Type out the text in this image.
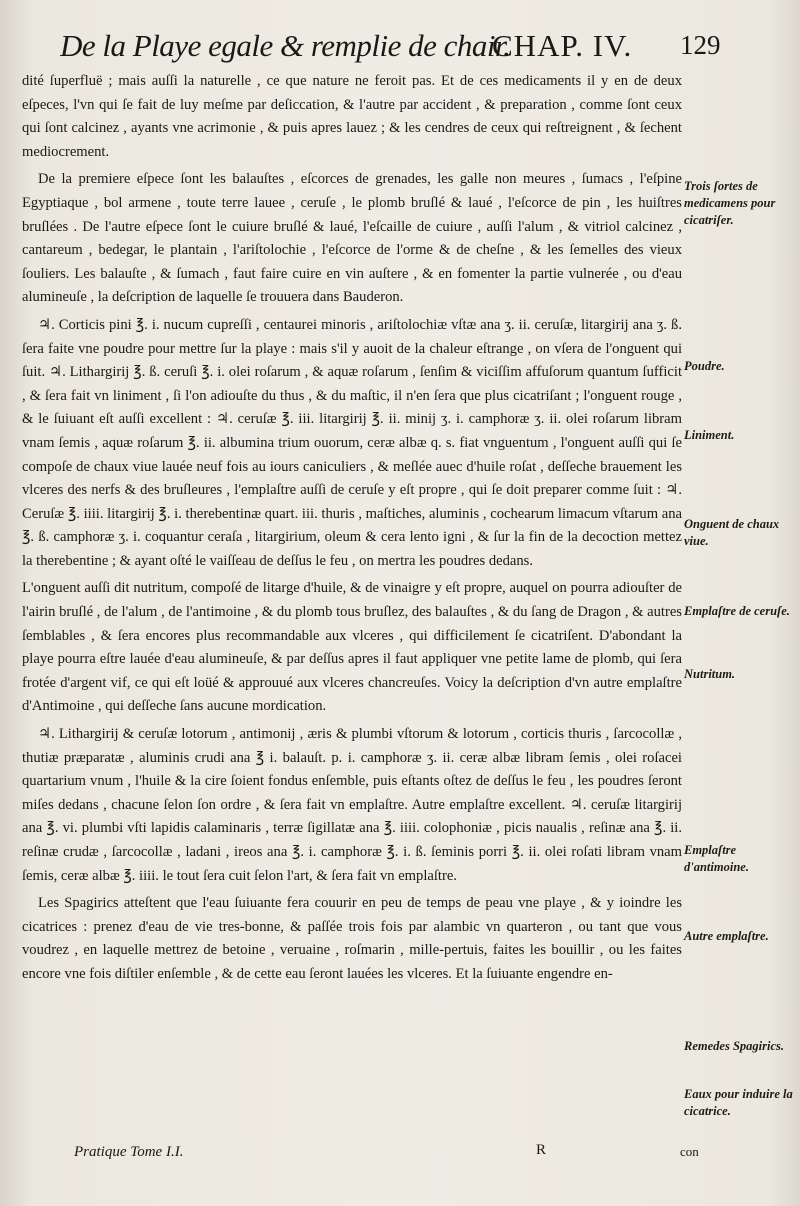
De la Playe egale & remplie de chair.
CHAP. IV. 129

dité ſuperfluë ; mais auſſi la naturelle , ce que nature ne feroit pas. Et de ces medicaments il y en de deux eſpeces, l'vn qui ſe fait de luy meſme par deſiccation, & l'autre par accident , & preparation , comme ſont ceux qui ſont calcinez , ayants vne acrimonie , & puis apres lauez ; & les cendres de ceux qui reſtreignent , & ſechent mediocrement.

De la premiere eſpece ſont les balauſtes , eſcorces de grenades, les galle non meures , ſumacs , l'eſpine Egyptiaque , bol armene , toute terre lauee , ceruſe , le plomb bruſlé & laué , l'eſcorce de pin , les huiſtres bruſlées . De l'autre eſpece ſont le cuiure bruſlé & laué, l'eſcaille de cuiure , auſſi l'alum , & vitriol calcinez , cantareum , bedegar, le plantain , l'ariſtolochie , l'eſcorce de l'orme & de cheſne , & les ſemelles des vieux ſouliers. Les balauſte , & ſumach , faut faire cuire en vin auſtere , & en fomenter la partie vulnerée , ou d'eau alumineuſe , la deſcription de laquelle ſe trouuera dans Bauderon.

♃. Corticis pini ℥. i. nucum cupreſſi , centaurei minoris , ariſtolochiæ vſtæ ana ʒ. ii. ceruſæ, litargirij ana ʒ. ß. ſera faite vne poudre pour mettre ſur la playe : mais s'il y auoit de la chaleur eſtrange , on vſera de l'onguent qui ſuit. ♃. Lithargirij ℥. ß. ceruſi ℥. i. olei roſarum , & aquæ roſarum , ſenſim & viciſſim affuſorum quantum ſufficit , & ſera fait vn liniment , ſi l'on adiouſte du thus , & du maſtic, il n'en ſera que plus cicatriſant ; l'onguent rouge , & le ſuiuant eſt auſſi excellent : ♃. ceruſæ ℥. iii. litargirij ℥. ii. minij ʒ. i. camphoræ ʒ. ii. olei roſarum libram vnam ſemis , aquæ roſarum ℥. ii. albumina trium ouorum, ceræ albæ q. s. fiat vnguentum , l'onguent auſſi qui ſe compoſe de chaux viue lauée neuf fois au iours caniculiers , & meſlée auec d'huile roſat , deſſeche brauement les vlceres des nerfs & des bruſleures , l'emplaſtre auſſi de ceruſe y eſt propre , qui ſe doit preparer comme ſuit : ♃. Ceruſæ ℥. iiii. litargirij ℥. i. therebentinæ quart. iii. thuris , maſtiches, aluminis , cochearum limacum vſtarum ana ℥. ß. camphoræ ʒ. i. coquantur ceraſa , litargirium, oleum & cera lento igni , & ſur la fin de la decoction mettez la therebentine ; & ayant oſté le vaiſſeau de deſſus le feu , on mertra les poudres dedans.

L'onguent auſſi dit nutritum, compoſé de litarge d'huile, & de vinaigre y eſt propre, auquel on pourra adiouſter de l'airin bruſlé , de l'alum , de l'antimoine , & du plomb tous bruſlez, des balauſtes , & du ſang de Dragon , & autres ſemblables , & ſera encores plus recommandable aux vlceres , qui difficilement ſe cicatriſent. D'abondant la playe pourra eſtre lauée d'eau alumineuſe, & par deſſus apres il faut appliquer vne petite lame de plomb, qui ſera frotée d'argent vif, ce qui eſt loüé & approuué aux vlceres chancreuſes. Voicy la deſcription d'vn autre emplaſtre d'Antimoine , qui deſſeche ſans aucune mordication.

♃. Lithargirij & ceruſæ lotorum , antimonij , æris & plumbi vſtorum & lotorum , corticis thuris , ſarcocollæ , thutiæ præparatæ , aluminis crudi ana ℥ i. balauſt. p. i. camphoræ ʒ. ii. ceræ albæ libram ſemis , olei roſacei quartarium vnum , l'huile & la cire ſoient fondus enſemble, puis eſtants oſtez de deſſus le feu , les poudres ſeront miſes dedans , chacune ſelon ſon ordre , & ſera fait vn emplaſtre. Autre emplaſtre excellent. ♃. ceruſæ litargirij ana ℥. vi. plumbi vſti lapidis calaminaris , terræ ſigillatæ ana ℥. iiii. colophoniæ , picis naualis , reſinæ ana ℥. ii. reſinæ crudæ , ſarcocollæ , ladani , ireos ana ℥. i. camphoræ ℥. i. ß. ſeminis porri ℥. ii. olei roſati libram vnam ſemis, ceræ albæ ℥. iiii. le tout ſera cuit ſelon l'art, & ſera fait vn emplaſtre.

Les Spagirics atteſtent que l'eau ſuiuante fera couurir en peu de temps de peau vne playe , & y ioindre les cicatrices : prenez d'eau de vie tres-bonne, & paſſée trois fois par alambic vn quarteron , ou tant que vous voudrez , en laquelle mettrez de betoine , veruaine , roſmarin , mille-pertuis, faites les bouillir , ou les faites encore vne fois diſtiler enſemble , & de cette eau ſeront lauées les vlceres. Et la ſuiuante engendre en-

Trois ſortes de medicamens pour cicatriſer.
Poudre.
Liniment.
Onguent de chaux viue.
Emplaſtre de ceruſe.
Nutritum.
Emplaſtre d'antimoine.
Autre emplaſtre.
Remedes Spagirics.
Eaux pour induire la cicatrice.
Pratique Tome I.I.	R	con
